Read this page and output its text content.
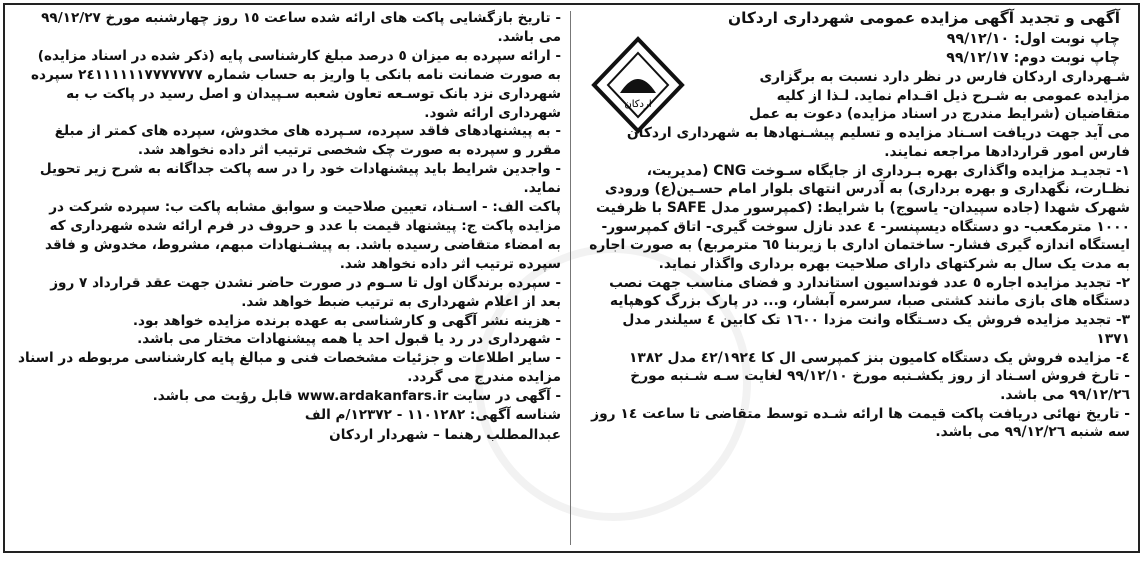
اردکان
آگهی و تجدید آگهی مزایده عمومی شهرداری اردکان
چاپ نوبت اول: ۹۹/۱۲/۱۰
چاپ نوبت دوم: ۹۹/۱۲/۱۷
شـهرداری اردکان فارس در نظر دارد نسبت به برگزاری
مزایده عمومی به شـرح ذیل اقـدام نماید. لـذا از کلیه
متقاضیان (شرایط مندرج در اسناد مزایده) دعوت به عمل
می آید جهت دریافت اسـناد مزایده و تسلیم پیشـنهادها به شهرداری اردکان
فارس امور قراردادها مراجعه نمایند.
۱- تجدیـد مزایده واگذاری بهره بـرداری از جایگاه سـوخت CNG (مدیریت،
نظـارت، نگهداری و بهره برداری) به آدرس انتهای بلوار امام حسـین(ع) ورودی
شهرک شهدا (جاده سپیدان- یاسوج) با شرایط: (کمپرسور مدل SAFE با ظرفیت
۱۰۰۰ مترمکعب- دو دستگاه دیسپنسر- ٤ عدد نازل سوخت گیری- اتاق کمپرسور-
ایستگاه اندازه گیری فشار- ساختمان اداری با زیربنا ٦٥ مترمربع) به صورت اجاره
به مدت یک سال به شرکتهای دارای صلاحیت بهره برداری واگذار نماید.
۲- تجدید مزایده اجاره ٥ عدد فونداسیون استاندارد و فضای مناسب جهت نصب
دستگاه های بازی مانند کشتی صبا، سرسره آبشار، و... در پارک بزرگ کوهپایه
۳- تجدید مزایده فروش یک دسـتگاه وانت مزدا ۱٦۰۰ تک کابین ٤ سیلندر مدل
۱۳۷۱
٤- مزایده فروش یک دستگاه کامیون بنز کمپرسی ال کا ٤٢/١٩٢٤ مدل ۱۳۸۲
- تارخ فروش اسـناد از روز یکشـنبه مورخ ۹۹/۱۲/۱۰ لغایت سـه شـنبه مورخ
۹۹/۱۲/۲٦ می باشد.
- تاریخ نهائی دریافت پاکت قیمت ها ارائه شـده توسط متقاضی تا ساعت ١٤ روز
سه شنبه ۹۹/۱۲/۲٦ می باشد.
- تاریخ بازگشایی پاکت های ارائه شده ساعت ۱٥ روز چهارشنبه مورخ ۹۹/۱۲/۲۷
می باشد.
- ارائه سپرده به میزان ٥ درصد مبلغ کارشناسی پایه (ذکر شده در اسناد مزایده)
به صورت ضمانت نامه بانکی یا واریز به حساب شماره ۲٤۱۱۱۱۱۱۷۷۷۷۷۷۷ سپرده
شهرداری نزد بانک توسـعه تعاون شعبه سـپیدان و اصل رسید در پاکت ب به
شهرداری ارائه شود.
- به پیشنهادهای فاقد سپرده، سـپرده های مخدوش، سپرده های کمتر از مبلغ
مقرر و سپرده به صورت چک شخصی ترتیب اثر داده نخواهد شد.
- واجدین شرایط باید پیشنهادات خود را در سه پاکت جداگانه به شرح زیر تحویل
نماید.
پاکت الف: - اسـناد، تعیین صلاحیت و سوابق مشابه پاکت ب: سپرده شرکت در
مزایده پاکت ج: پیشنهاد قیمت با عدد و حروف در فرم ارائه شده شهرداری که
به امضاء متقاضی رسیده باشد. به پیشـنهادات مبهم، مشروط، مخدوش و فاقد
سپرده ترتیب اثر داده نخواهد شد.
- سپرده برندگان اول تا سـوم در صورت حاضر نشدن جهت عقد قرارداد ۷ روز
بعد از اعلام شهرداری به ترتیب ضبط خواهد شد.
- هزینه نشر آگهی و کارشناسی به عهده برنده مزایده خواهد بود.
- شهرداری در رد یا قبول احد یا همه پیشنهادات مختار می باشد.
- سایر اطلاعات و جزئیات مشخصات فنی و مبالغ پایه کارشناسی مربوطه در اسناد
مزایده مندرج می گردد.
- آگهی در سایت www.ardakanfars.ir قابل رؤیت می باشد.
شناسه آگهی: ۱۱۰۱۲۸۲ - ۱۲۳۷۲/م الف
عبدالمطلب رهنما – شهردار اردکان
